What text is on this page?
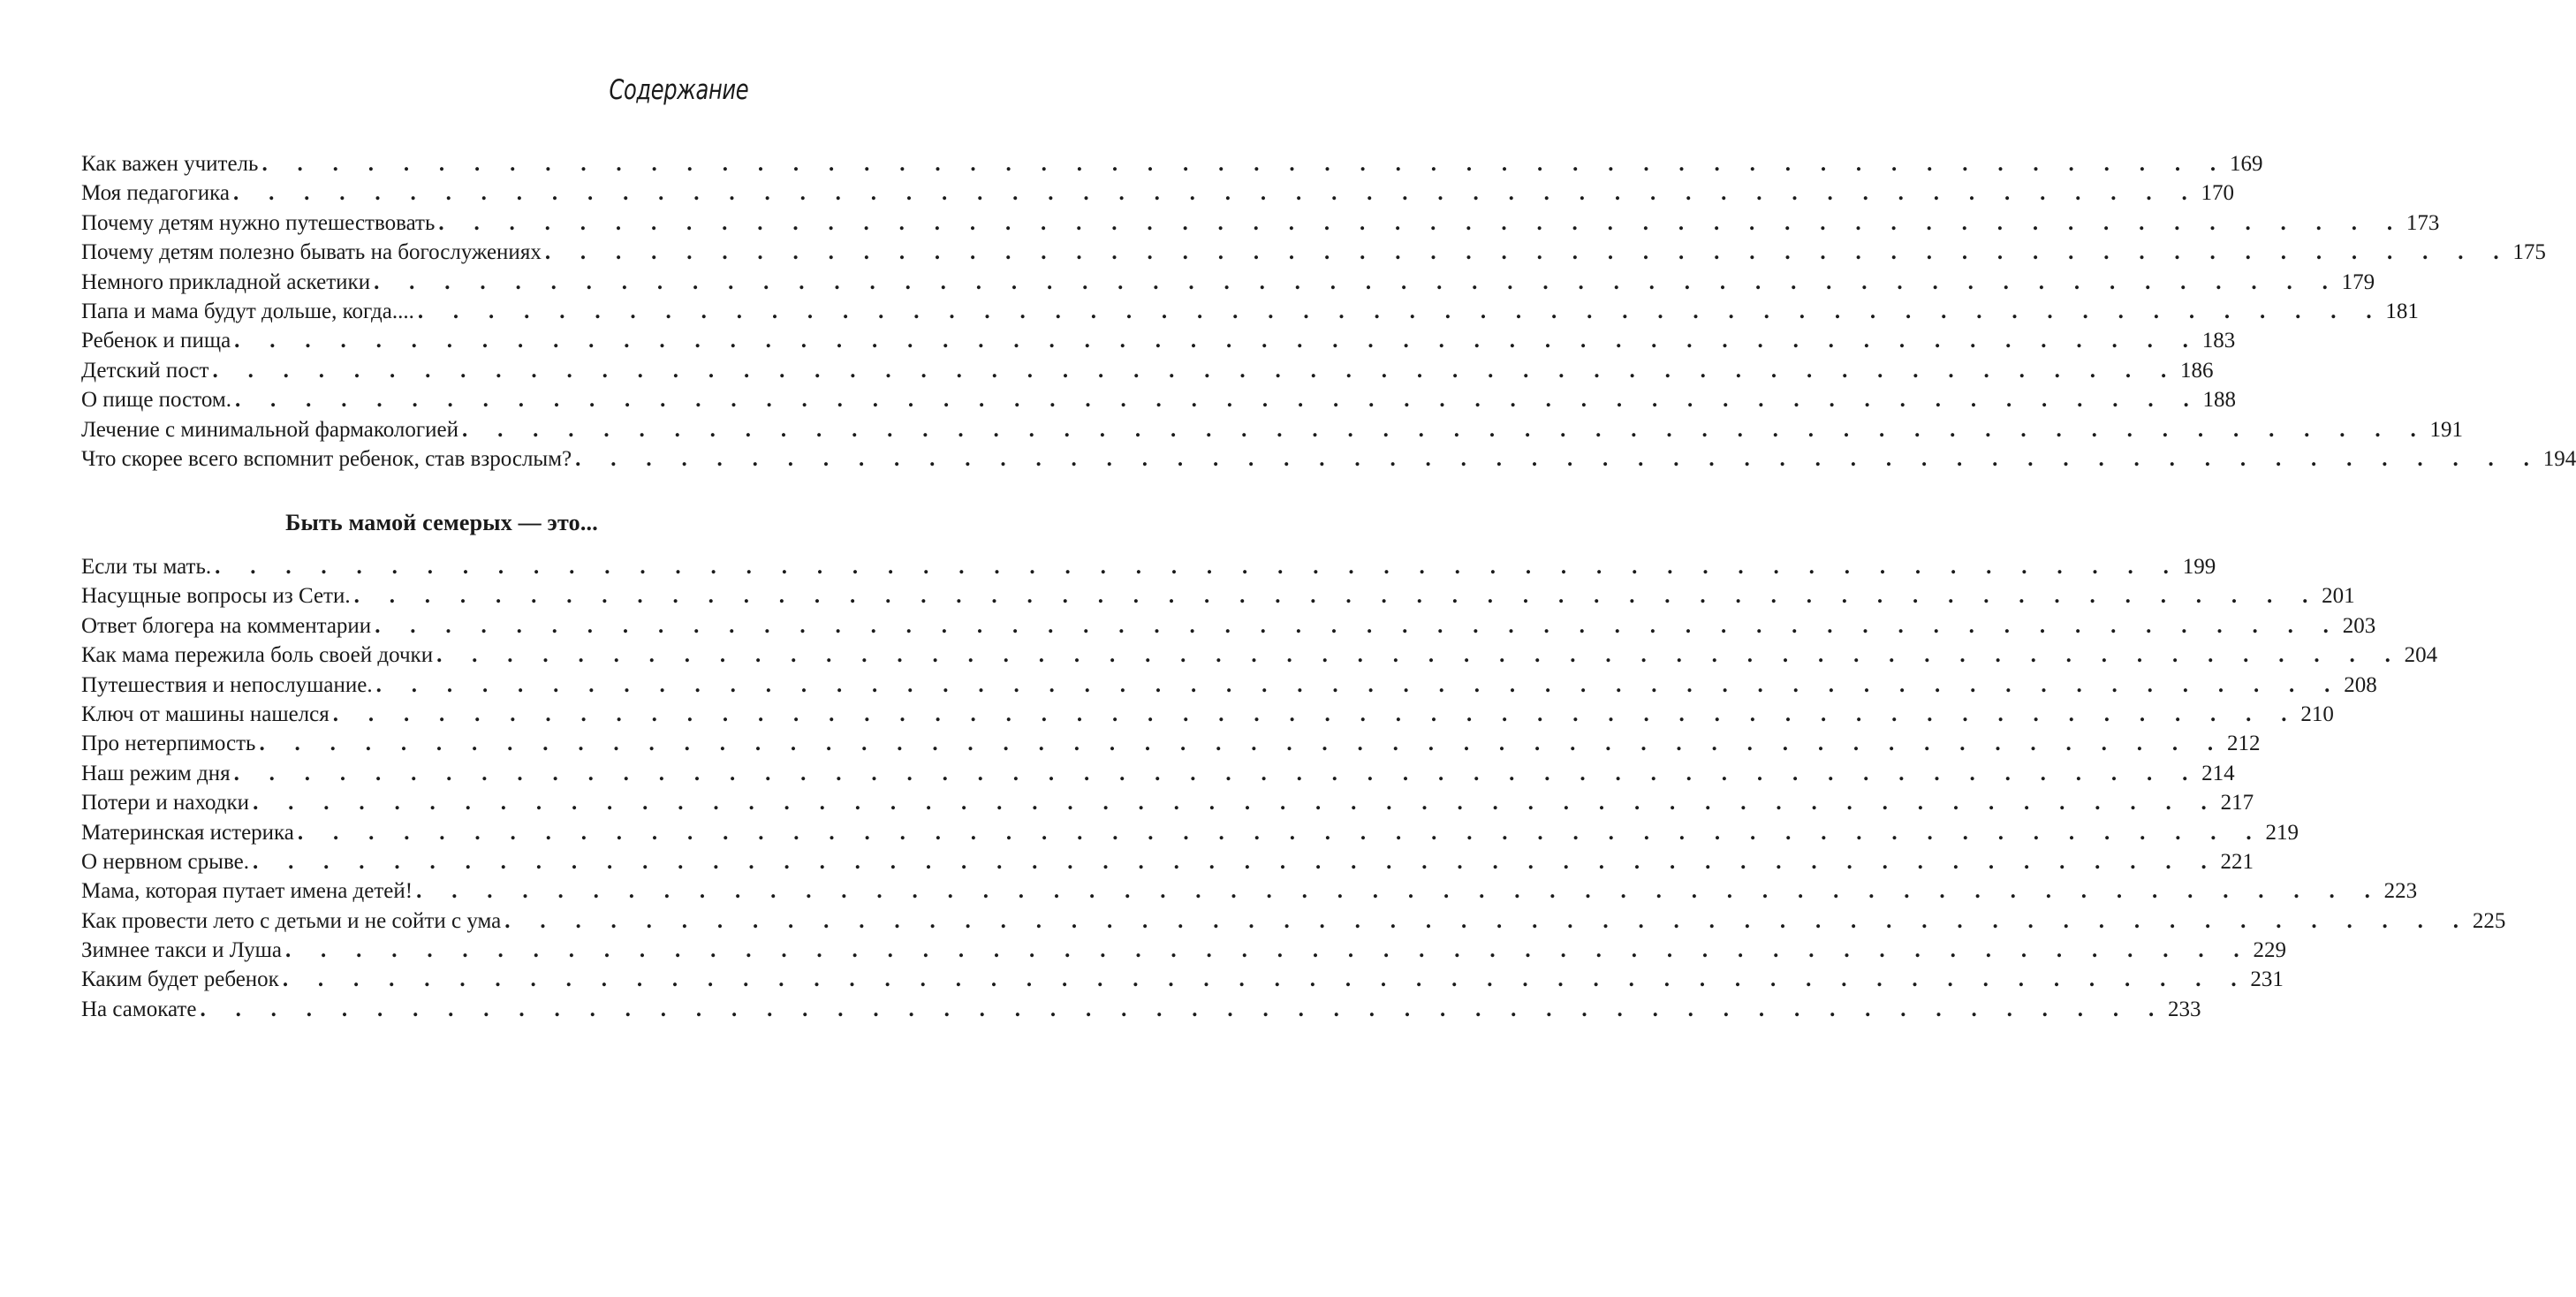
Содержание
Как важен учитель . . . . . . . . . . . . . . . . . . . . . . . . . . . . . . . . . . . . . . . . . . . . . . . . . . . . . . . . 169
Моя педагогика . . . . . . . . . . . . . . . . . . . . . . . . . . . . . . . . . . . . . . . . . . . . . . . . . . . . . . . . 170
Почему детям нужно путешествовать . . . . . . . . . . . . . . . . . . . . . . . . . . . . . . . . . . . . . . . . . . . . . . . . . . . . . . . . 173
Почему детям полезно бывать на богослужениях . . . . . . . . . . . . . . . . . . . . . . . . . . . . . . . . . . . . . . . . . . . . . . . . . . . . . . . . 175
Немного прикладной аскетики . . . . . . . . . . . . . . . . . . . . . . . . . . . . . . . . . . . . . . . . . . . . . . . . . . . . . . . . 179
Папа и мама будут дольше, когда.... . . . . . . . . . . . . . . . . . . . . . . . . . . . . . . . . . . . . . . . . . . . . . . . . . . . . . . . . 181
Ребенок и пища . . . . . . . . . . . . . . . . . . . . . . . . . . . . . . . . . . . . . . . . . . . . . . . . . . . . . . . . 183
Детский пост . . . . . . . . . . . . . . . . . . . . . . . . . . . . . . . . . . . . . . . . . . . . . . . . . . . . . . . . 186
О пище постом. . . . . . . . . . . . . . . . . . . . . . . . . . . . . . . . . . . . . . . . . . . . . . . . . . . . . . . . . 188
Лечение с минимальной фармакологией . . . . . . . . . . . . . . . . . . . . . . . . . . . . . . . . . . . . . . . . . . . . . . . . . . . . . . . . 191
Что скорее всего вспомнит ребенок, став взрослым? . . . . . . . . . . . . . . . . . . . . . . . . . . . . . . . . . . . . . . . . . . . . . . . . . . . . . . . . 194
Быть мамой семерых — это...
Если ты мать. . . . . . . . . . . . . . . . . . . . . . . . . . . . . . . . . . . . . . . . . . . . . . . . . . . . . . . . . 199
Насущные вопросы из Сети. . . . . . . . . . . . . . . . . . . . . . . . . . . . . . . . . . . . . . . . . . . . . . . . . . . . . . . . . 201
Ответ блогера на комментарии . . . . . . . . . . . . . . . . . . . . . . . . . . . . . . . . . . . . . . . . . . . . . . . . . . . . . . . . 203
Как мама пережила боль своей дочки . . . . . . . . . . . . . . . . . . . . . . . . . . . . . . . . . . . . . . . . . . . . . . . . . . . . . . . . 204
Путешествия и непослушание. . . . . . . . . . . . . . . . . . . . . . . . . . . . . . . . . . . . . . . . . . . . . . . . . . . . . . . . . 208
Ключ от машины нашелся . . . . . . . . . . . . . . . . . . . . . . . . . . . . . . . . . . . . . . . . . . . . . . . . . . . . . . . . 210
Про нетерпимость . . . . . . . . . . . . . . . . . . . . . . . . . . . . . . . . . . . . . . . . . . . . . . . . . . . . . . . . 212
Наш режим дня . . . . . . . . . . . . . . . . . . . . . . . . . . . . . . . . . . . . . . . . . . . . . . . . . . . . . . . . 214
Потери и находки . . . . . . . . . . . . . . . . . . . . . . . . . . . . . . . . . . . . . . . . . . . . . . . . . . . . . . . . 217
Материнская истерика . . . . . . . . . . . . . . . . . . . . . . . . . . . . . . . . . . . . . . . . . . . . . . . . . . . . . . . . 219
О нервном срыве. . . . . . . . . . . . . . . . . . . . . . . . . . . . . . . . . . . . . . . . . . . . . . . . . . . . . . . . . 221
Мама, которая путает имена детей! . . . . . . . . . . . . . . . . . . . . . . . . . . . . . . . . . . . . . . . . . . . . . . . . . . . . . . . . 223
Как провести лето с детьми и не сойти с ума . . . . . . . . . . . . . . . . . . . . . . . . . . . . . . . . . . . . . . . . . . . . . . . . . . . . . . . . 225
Зимнее такси и Луша . . . . . . . . . . . . . . . . . . . . . . . . . . . . . . . . . . . . . . . . . . . . . . . . . . . . . . . . 229
Каким будет ребенок . . . . . . . . . . . . . . . . . . . . . . . . . . . . . . . . . . . . . . . . . . . . . . . . . . . . . . . . 231
На самокате . . . . . . . . . . . . . . . . . . . . . . . . . . . . . . . . . . . . . . . . . . . . . . . . . . . . . . . . 233
